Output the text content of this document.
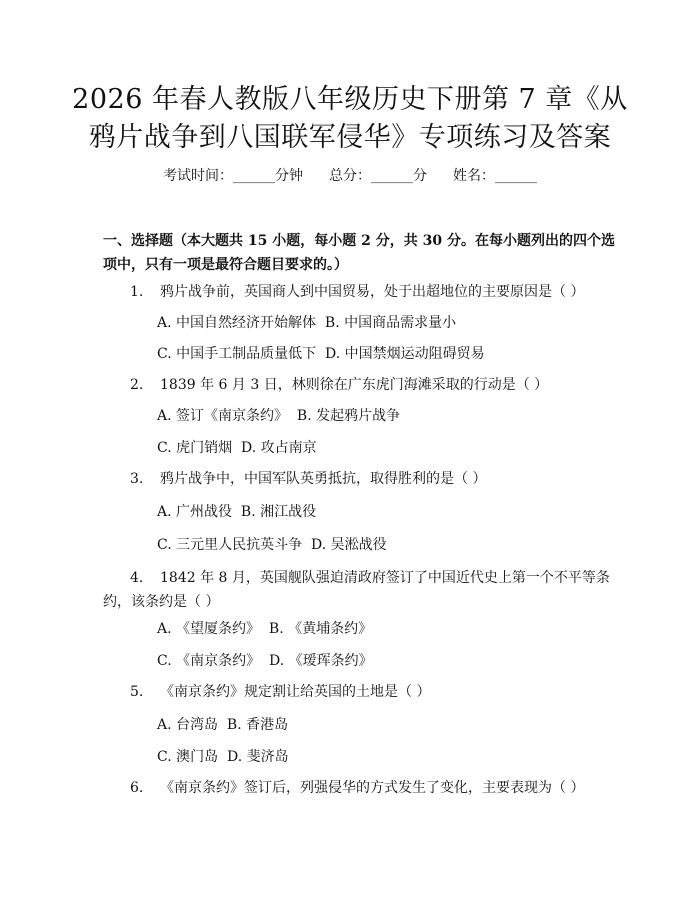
2026 年春人教版八年级历史下册第 7 章《从
鸦片战争到八国联军侵华》专项练习及答案
考试时间：______分钟 总分：______分 姓名：______
一、选择题（本大题共 15 小题，每小题 2 分，共 30 分。在每小题列出的四个选
项中，只有一项是最符合题目要求的。）
1. 鸦片战争前，英国商人到中国贸易，处于出超地位的主要原因是（ ）
A. 中国自然经济开始解体  B. 中国商品需求量小
C. 中国手工制品质量低下  D. 中国禁烟运动阻碍贸易
2. 1839 年 6 月 3 日，林则徐在广东虎门海滩采取的行动是（ ）
A. 签订《南京条约》  B. 发起鸦片战争
C. 虎门销烟  D. 攻占南京
3. 鸦片战争中，中国军队英勇抵抗，取得胜利的是（ ）
A. 广州战役  B. 湘江战役
C. 三元里人民抗英斗争  D. 吴淞战役
4. 1842 年 8 月，英国舰队强迫清政府签订了中国近代史上第一个不平等条
约，该条约是（ ）
A. 《望厦条约》  B. 《黄埔条约》
C. 《南京条约》  D. 《瑷珲条约》
5. 《南京条约》规定割让给英国的土地是（ ）
A. 台湾岛  B. 香港岛
C. 澳门岛  D. 斐济岛
6. 《南京条约》签订后，列强侵华的方式发生了变化，主要表现为（ ）
